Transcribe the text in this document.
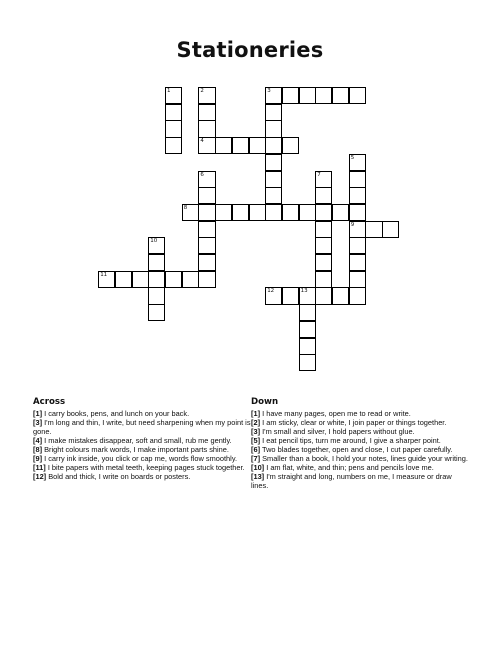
Stationeries
1	2	3
4
5
6	7
8
9
10
11
12	13
Across
[1] I carry books, pens, and lunch on your back.
[3] I'm long and thin, I write, but need sharpening when my point is gone.
[4] I make mistakes disappear, soft and small, rub me gently.
[8] Bright colours mark words, I make important parts shine.
[9] I carry ink inside, you click or cap me, words flow smoothly.
[11] I bite papers with metal teeth, keeping pages stuck together.
[12] Bold and thick, I write on boards or posters.
Down
[1] I have many pages, open me to read or write.
[2] I am sticky, clear or white, I join paper or things together.
[3] I'm small and silver, I hold papers without glue.
[5] I eat pencil tips, turn me around, I give a sharper point.
[6] Two blades together, open and close, I cut paper carefully.
[7] Smaller than a book, I hold your notes, lines guide your writing.
[10] I am flat, white, and thin; pens and pencils love me.
[13] I'm straight and long, numbers on me, I measure or draw lines.
